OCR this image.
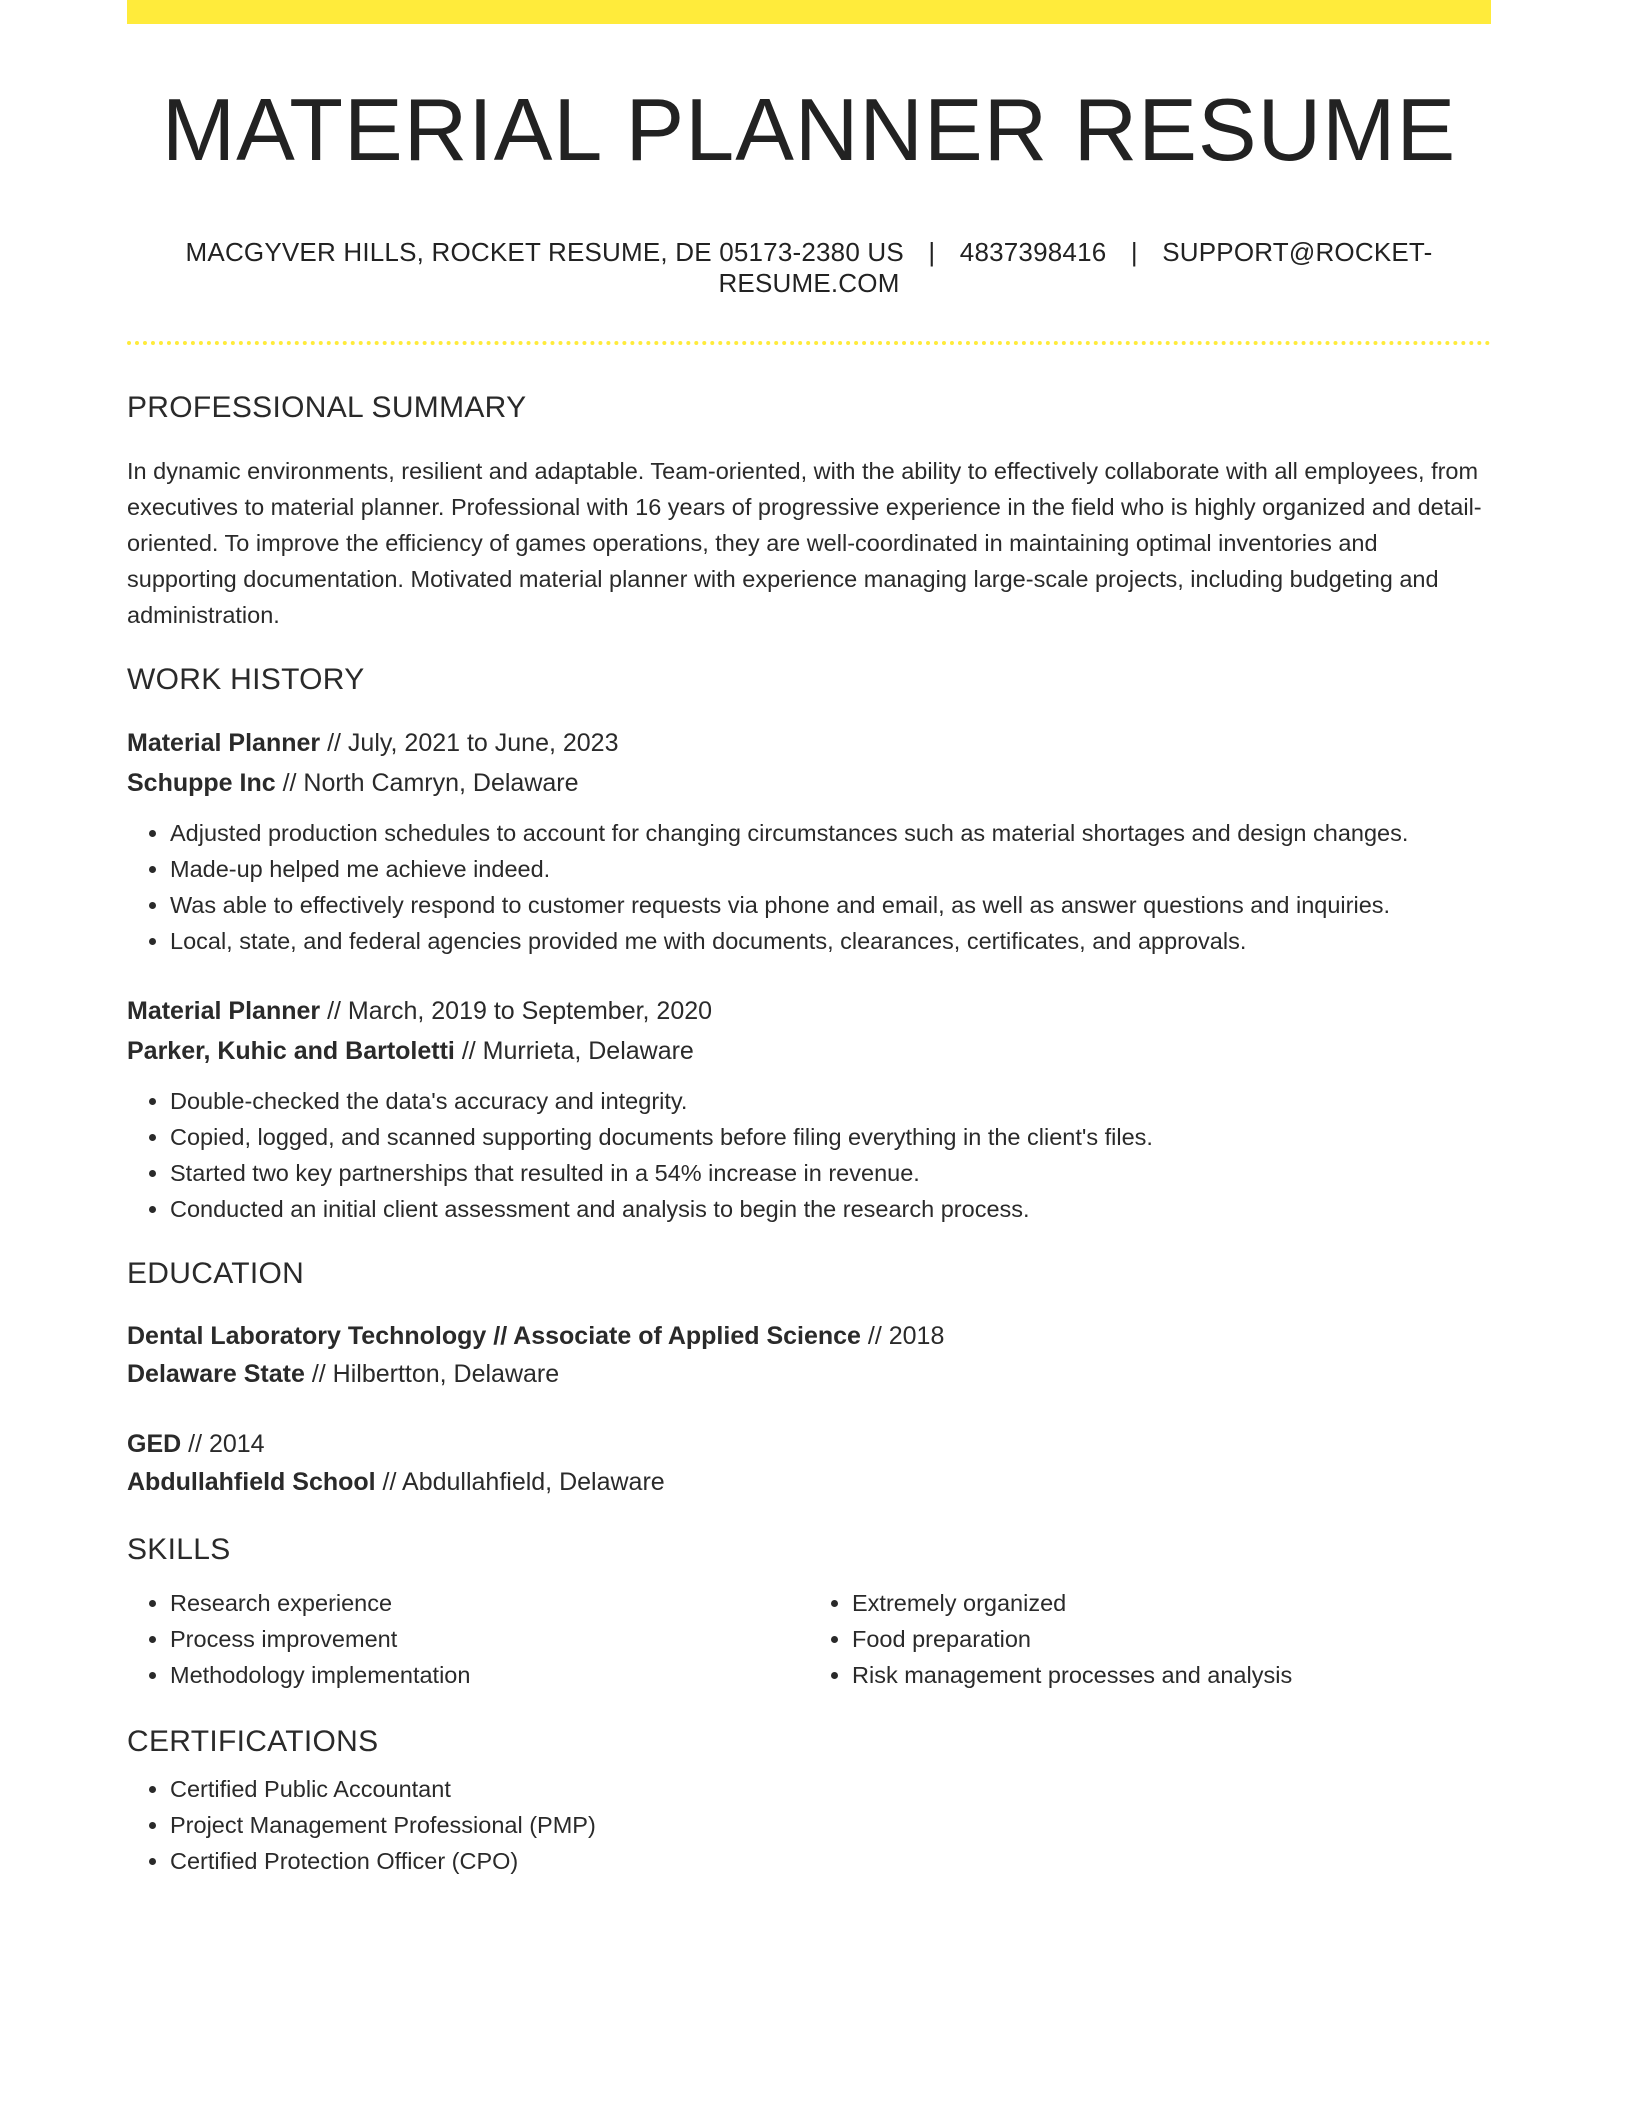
MATERIAL PLANNER RESUME
MACGYVER HILLS, ROCKET RESUME, DE 05173-2380 US | 4837398416 | SUPPORT@ROCKET-RESUME.COM
PROFESSIONAL SUMMARY
In dynamic environments, resilient and adaptable. Team-oriented, with the ability to effectively collaborate with all employees, from executives to material planner. Professional with 16 years of progressive experience in the field who is highly organized and detail-oriented. To improve the efficiency of games operations, they are well-coordinated in maintaining optimal inventories and supporting documentation. Motivated material planner with experience managing large-scale projects, including budgeting and administration.
WORK HISTORY
Material Planner // July, 2021 to June, 2023
Schuppe Inc // North Camryn, Delaware
• Adjusted production schedules to account for changing circumstances such as material shortages and design changes.
• Made-up helped me achieve indeed.
• Was able to effectively respond to customer requests via phone and email, as well as answer questions and inquiries.
• Local, state, and federal agencies provided me with documents, clearances, certificates, and approvals.
Material Planner // March, 2019 to September, 2020
Parker, Kuhic and Bartoletti // Murrieta, Delaware
• Double-checked the data's accuracy and integrity.
• Copied, logged, and scanned supporting documents before filing everything in the client's files.
• Started two key partnerships that resulted in a 54% increase in revenue.
• Conducted an initial client assessment and analysis to begin the research process.
EDUCATION
Dental Laboratory Technology // Associate of Applied Science // 2018
Delaware State // Hilbertton, Delaware
GED // 2014
Abdullahfield School // Abdullahfield, Delaware
SKILLS
• Research experience
• Process improvement
• Methodology implementation
• Extremely organized
• Food preparation
• Risk management processes and analysis
CERTIFICATIONS
• Certified Public Accountant
• Project Management Professional (PMP)
• Certified Protection Officer (CPO)
